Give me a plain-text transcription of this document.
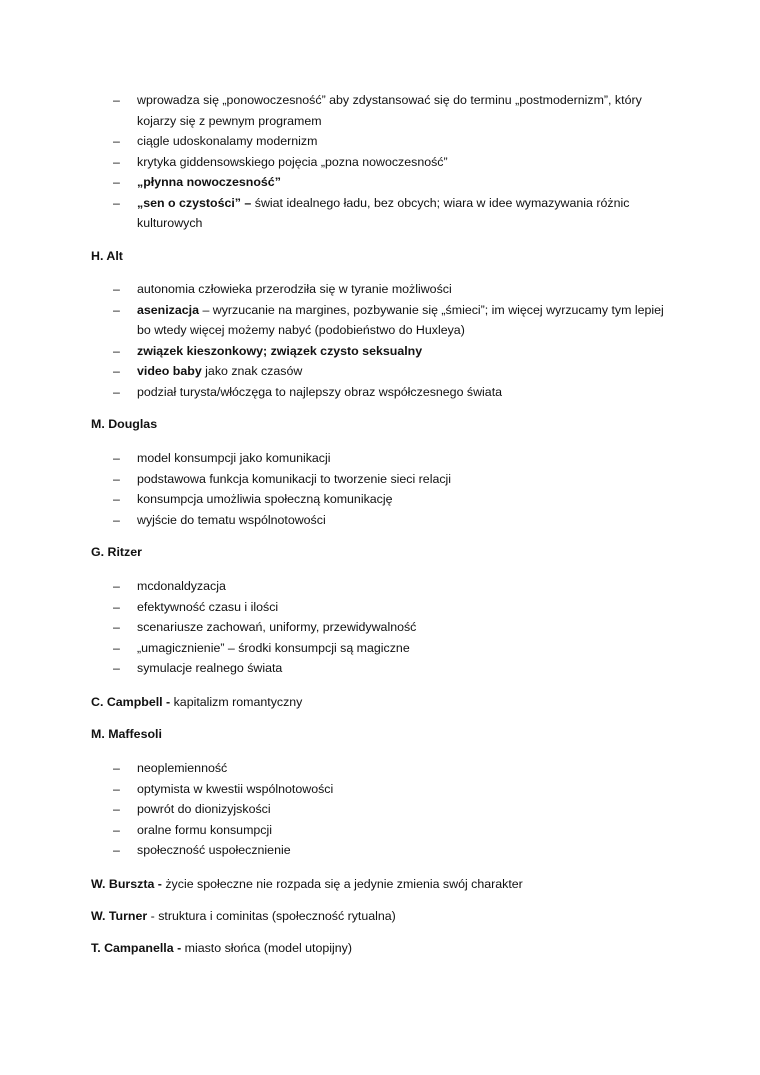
– wprowadza się „ponowoczesność” aby zdystansować się do terminu „postmodernizm”, który kojarzy się z pewnym programem
– ciągle udoskonalamy modernizm
– krytyka giddensowskiego pojęcia „pozna nowoczesność”
– „płynna nowoczesność”
– „sen o czystości” – świat idealnego ładu, bez obcych; wiara w idee wymazywania różnic kulturowych
H. Alt
– autonomia człowieka przerodziła się w tyranie możliwości
– asenizacja – wyrzucanie na margines, pozbywanie się „śmieci”; im więcej wyrzucamy tym lepiej bo wtedy więcej możemy nabyć (podobieństwo do Huxleya)
– związek kieszonkowy; związek czysto seksualny
– video baby jako znak czasów
– podział turysta/włóczęga to najlepszy obraz współczesnego świata
M. Douglas
– model konsumpcji jako komunikacji
– podstawowa funkcja komunikacji to tworzenie sieci relacji
– konsumpcja umożliwia społeczną komunikację
– wyjście do tematu wspólnotowości
G. Ritzer
– mcdonaldyzacja
– efektywność czasu i ilości
– scenariusze zachowań, uniformy, przewidywalność
– „umagicznienie” – środki konsumpcji są magiczne
– symulacje realnego świata
C. Campbell - kapitalizm romantyczny
M. Maffesoli
– neoplemienność
– optymista w kwestii wspólnotowości
– powrót do dionizyjskości
– oralne formu konsumpcji
– społeczność uspołecznienie
W. Burszta - życie społeczne nie rozpada się a jedynie zmienia swój charakter
W. Turner - struktura i cominitas (społeczność rytualna)
T. Campanella - miasto słońca (model utopijny)
